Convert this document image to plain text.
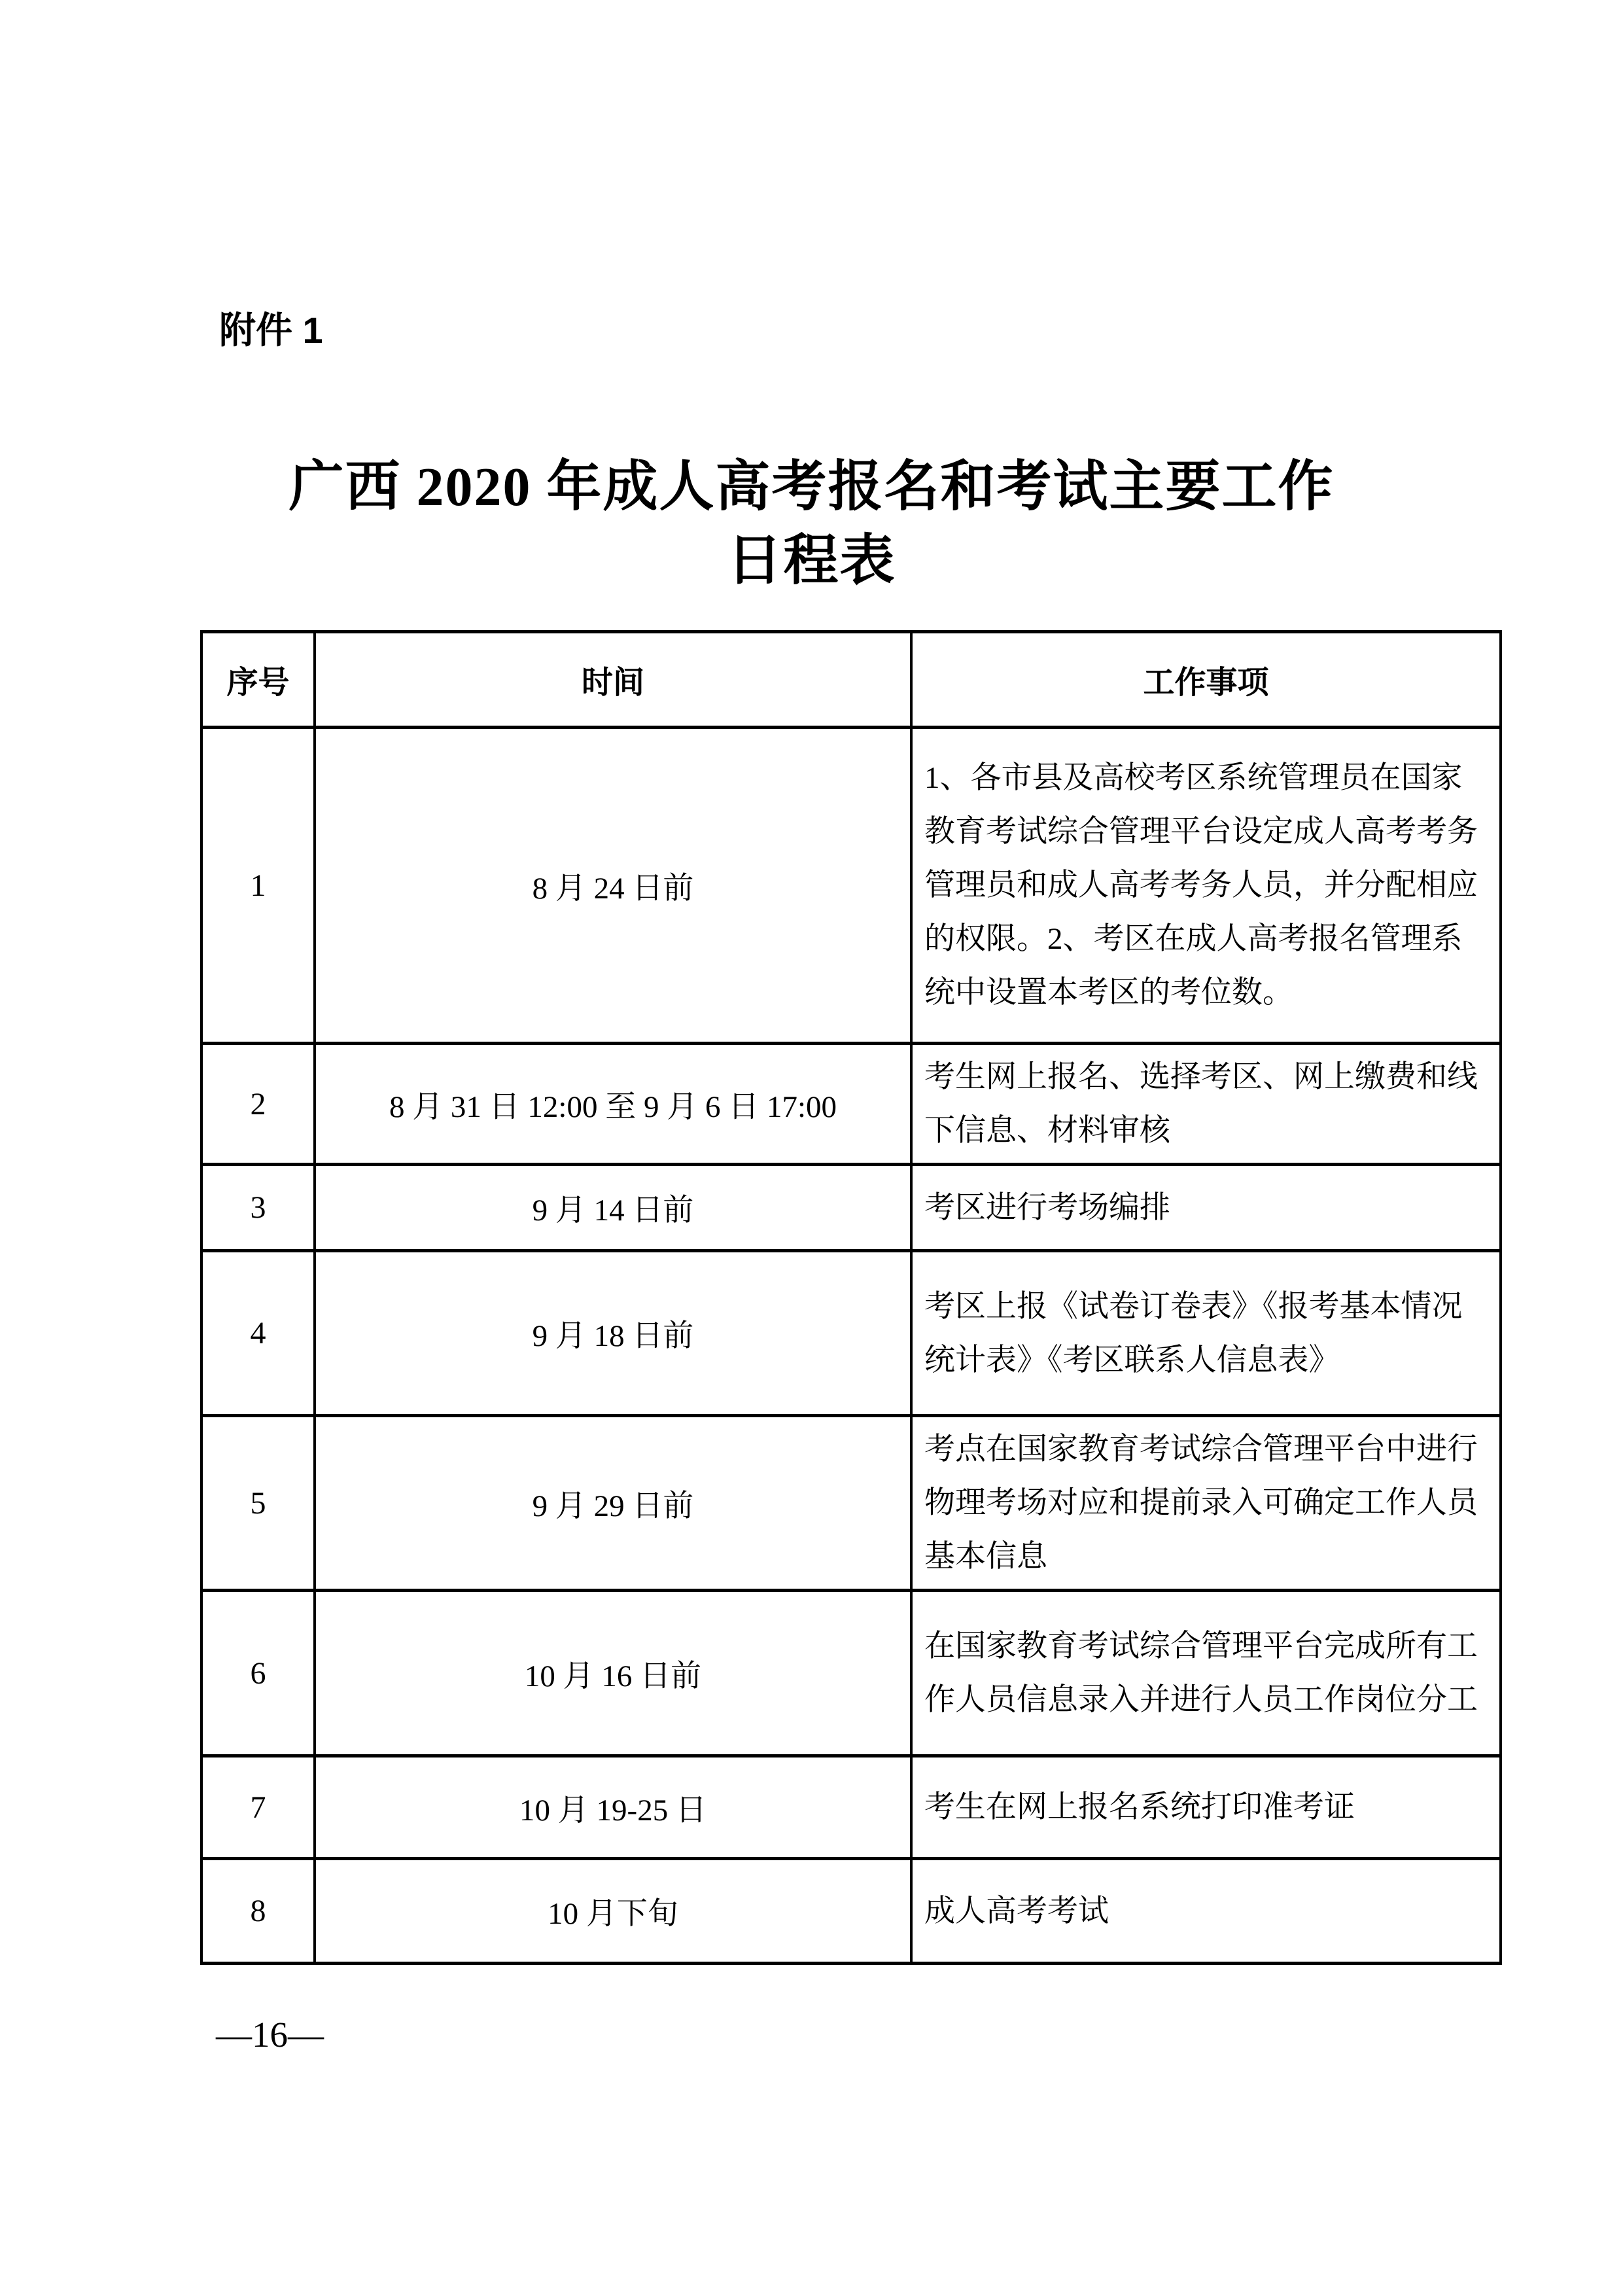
附件 1
广西 2020 年成人高考报名和考试主要工作
日程表
序号	时间	工作事项
1	8 月 24 日前	1、各市县及高校考区系统管理员在国家教育考试综合管理平台设定成人高考考务管理员和成人高考考务人员，并分配相应的权限。2、考区在成人高考报名管理系统中设置本考区的考位数。
2	8 月 31 日 12:00 至 9 月 6 日 17:00	考生网上报名、选择考区、网上缴费和线下信息、材料审核
3	9 月 14 日前	考区进行考场编排
4	9 月 18 日前	考区上报《试卷订卷表》《报考基本情况统计表》《考区联系人信息表》
5	9 月 29 日前	考点在国家教育考试综合管理平台中进行物理考场对应和提前录入可确定工作人员基本信息
6	10 月 16 日前	在国家教育考试综合管理平台完成所有工作人员信息录入并进行人员工作岗位分工
7	10 月 19-25 日	考生在网上报名系统打印准考证
8	10 月下旬	成人高考考试
—16—
